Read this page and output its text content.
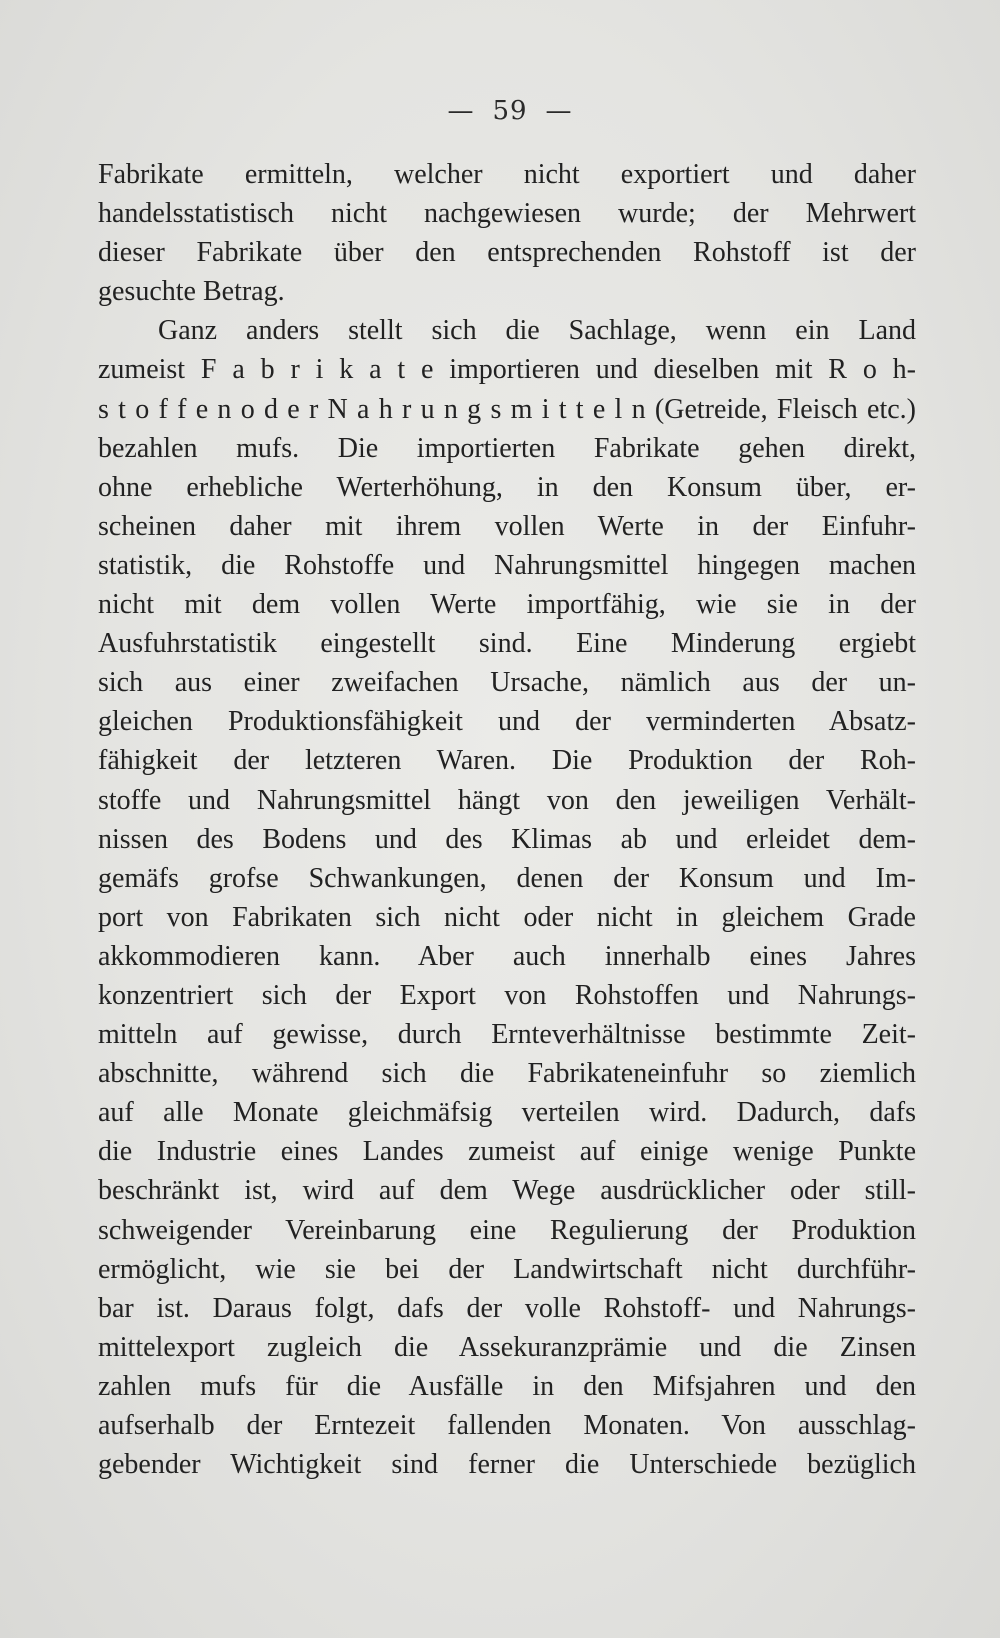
— 59 —
Fabrikate ermitteln, welcher nicht exportiert und daher
handelsstatistisch nicht nachgewiesen wurde; der Mehrwert
dieser Fabrikate über den entsprechenden Rohstoff ist der
gesuchte Betrag.
Ganz anders stellt sich die Sachlage, wenn ein Land
zumeist F a b r i k a t e importieren und dieselben mit R o h-
s t o f f e n o d e r N a h r u n g s m i t t e l n (Getreide, Fleisch etc.)
bezahlen mufs. Die importierten Fabrikate gehen direkt,
ohne erhebliche Werterhöhung, in den Konsum über, er-
scheinen daher mit ihrem vollen Werte in der Einfuhr-
statistik, die Rohstoffe und Nahrungsmittel hingegen machen
nicht mit dem vollen Werte importfähig, wie sie in der
Ausfuhrstatistik eingestellt sind. Eine Minderung ergiebt
sich aus einer zweifachen Ursache, nämlich aus der un-
gleichen Produktionsfähigkeit und der verminderten Absatz-
fähigkeit der letzteren Waren. Die Produktion der Roh-
stoffe und Nahrungsmittel hängt von den jeweiligen Verhält-
nissen des Bodens und des Klimas ab und erleidet dem-
gemäfs grofse Schwankungen, denen der Konsum und Im-
port von Fabrikaten sich nicht oder nicht in gleichem Grade
akkommodieren kann. Aber auch innerhalb eines Jahres
konzentriert sich der Export von Rohstoffen und Nahrungs-
mitteln auf gewisse, durch Ernteverhältnisse bestimmte Zeit-
abschnitte, während sich die Fabrikateneinfuhr so ziemlich
auf alle Monate gleichmäfsig verteilen wird. Dadurch, dafs
die Industrie eines Landes zumeist auf einige wenige Punkte
beschränkt ist, wird auf dem Wege ausdrücklicher oder still-
schweigender Vereinbarung eine Regulierung der Produktion
ermöglicht, wie sie bei der Landwirtschaft nicht durchführ-
bar ist. Daraus folgt, dafs der volle Rohstoff- und Nahrungs-
mittelexport zugleich die Assekuranzprämie und die Zinsen
zahlen mufs für die Ausfälle in den Mifsjahren und den
aufserhalb der Erntezeit fallenden Monaten. Von ausschlag-
gebender Wichtigkeit sind ferner die Unterschiede bezüglich
